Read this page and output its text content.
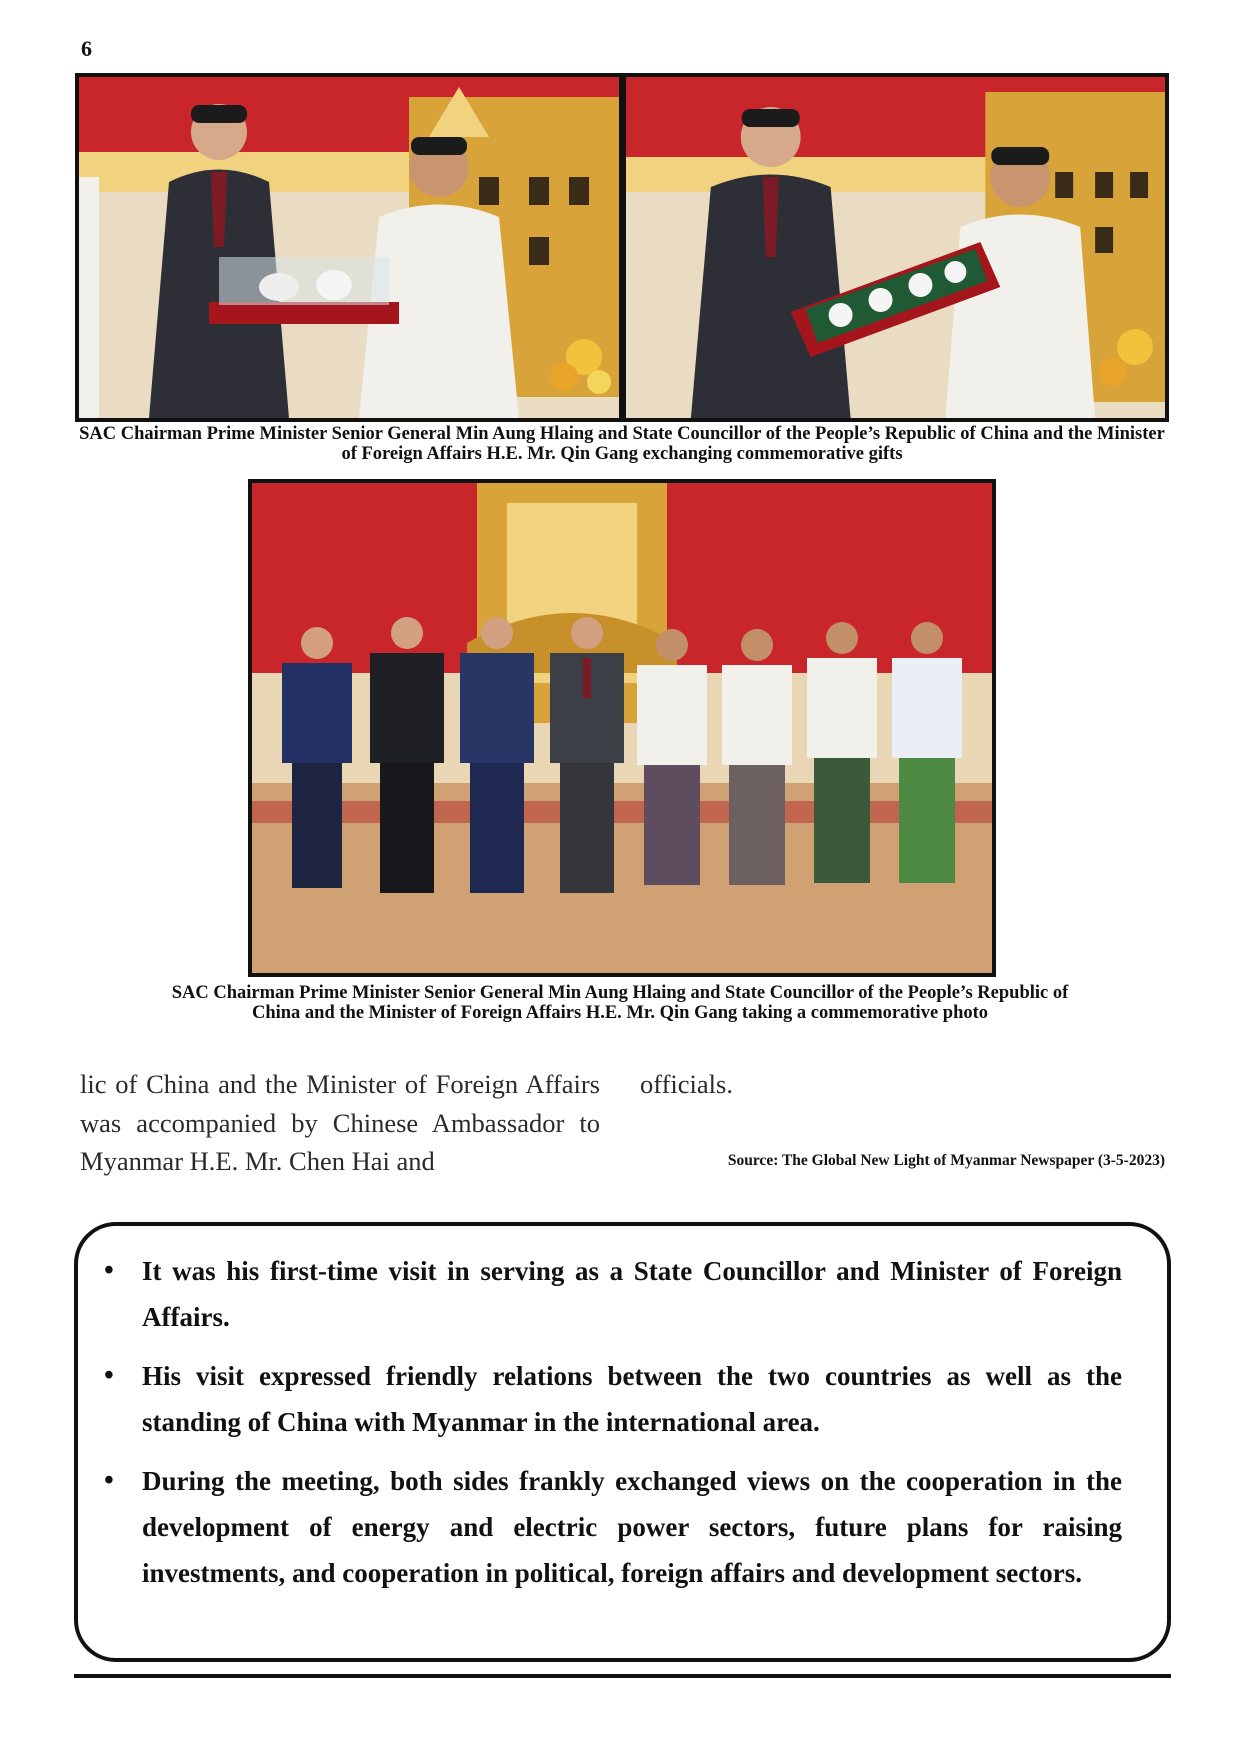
6
SAC Chairman Prime Minister Senior General Min Aung Hlaing and State Councillor of the People’s Republic of China and the Minister of Foreign Affairs H.E. Mr. Qin Gang exchanging commemorative gifts
SAC Chairman Prime Minister Senior General Min Aung Hlaing and State Councillor of the People’s Republic of China and the Minister of Foreign Affairs H.E. Mr. Qin Gang taking a commemorative photo
lic of China and the Minister of Foreign Affairs was accompanied by Chinese Ambassador to Myanmar H.E. Mr. Chen Hai and
officials.
Source: The Global New Light of Myanmar Newspaper (3-5-2023)
• It was his first-time visit in serving as a State Councillor and Minister of Foreign Affairs.
• His visit expressed friendly relations between the two countries as well as the standing of China with Myanmar in the international area.
• During the meeting, both sides frankly exchanged views on the cooperation in the development of energy and electric power sectors, future plans for raising investments, and cooperation in political, foreign affairs and development sectors.
